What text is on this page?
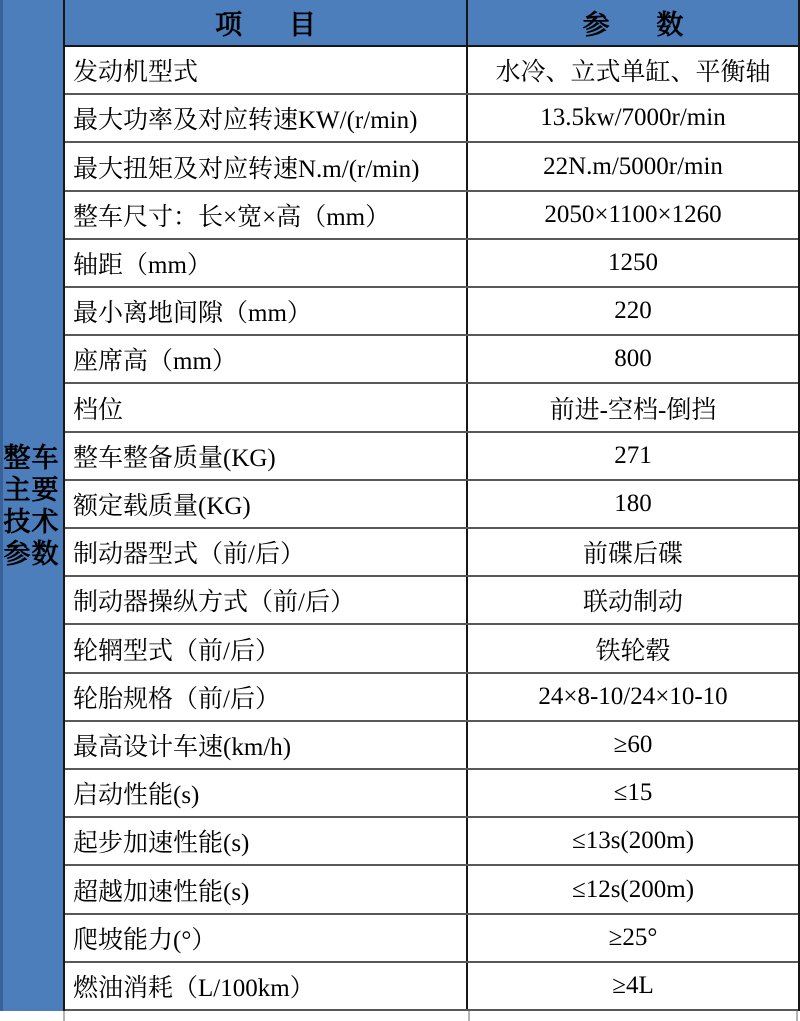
整车
主要
技术
参数
项 目	参 数
发动机型式	水冷、立式单缸、平衡轴
最大功率及对应转速KW/(r/min)	13.5kw/7000r/min
最大扭矩及对应转速N.m/(r/min)	22N.m/5000r/min
整车尺寸：长×宽×高（mm）	2050×1100×1260
轴距（mm）	1250
最小离地间隙（mm）	220
座席高（mm）	800
档位	前进-空档-倒挡
整车整备质量(KG)	271
额定载质量(KG)	180
制动器型式（前/后）	前碟后碟
制动器操纵方式（前/后）	联动制动
轮辋型式（前/后）	铁轮毂
轮胎规格（前/后）	24×8-10/24×10-10
最高设计车速(km/h)	≥60
启动性能(s)	≤15
起步加速性能(s)	≤13s(200m)
超越加速性能(s)	≤12s(200m)
爬坡能力(°）	≥25°
燃油消耗（L/100km）	≥4L
